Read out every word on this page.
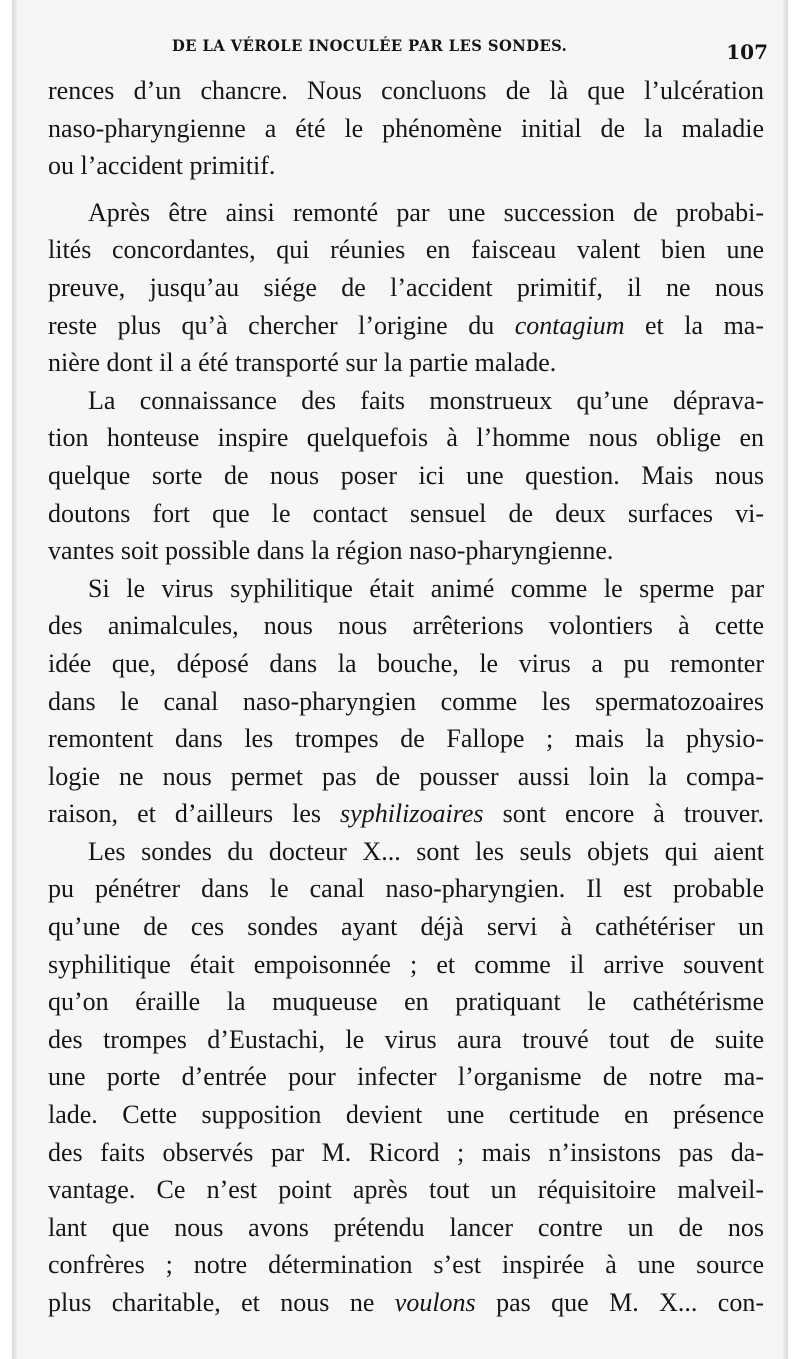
DE LA VÉROLE INOCULÉE PAR LES SONDES.	107
rences d’un chancre. Nous concluons de là que l’ulcération
naso-pharyngienne a été le phénomène initial de la maladie
ou l’accident primitif.
Après être ainsi remonté par une succession de probabi-
lités concordantes, qui réunies en faisceau valent bien une
preuve, jusqu’au siége de l’accident primitif, il ne nous
reste plus qu’à chercher l’origine du contagium et la ma-
nière dont il a été transporté sur la partie malade.
La connaissance des faits monstrueux qu’une déprava-
tion honteuse inspire quelquefois à l’homme nous oblige en
quelque sorte de nous poser ici une question. Mais nous
doutons fort que le contact sensuel de deux surfaces vi-
vantes soit possible dans la région naso-pharyngienne.
Si le virus syphilitique était animé comme le sperme par
des animalcules, nous nous arrêterions volontiers à cette
idée que, déposé dans la bouche, le virus a pu remonter
dans le canal naso-pharyngien comme les spermatozoaires
remontent dans les trompes de Fallope ; mais la physio-
logie ne nous permet pas de pousser aussi loin la compa-
raison, et d’ailleurs les syphilizoaires sont encore à trouver.
Les sondes du docteur X... sont les seuls objets qui aient
pu pénétrer dans le canal naso-pharyngien. Il est probable
qu’une de ces sondes ayant déjà servi à cathétériser un
syphilitique était empoisonnée ; et comme il arrive souvent
qu’on éraille la muqueuse en pratiquant le cathétérisme
des trompes d’Eustachi, le virus aura trouvé tout de suite
une porte d’entrée pour infecter l’organisme de notre ma-
lade. Cette supposition devient une certitude en présence
des faits observés par M. Ricord ; mais n’insistons pas da-
vantage. Ce n’est point après tout un réquisitoire malveil-
lant que nous avons prétendu lancer contre un de nos
confrères ; notre détermination s’est inspirée à une source
plus charitable, et nous ne voulons pas que M. X... con-
